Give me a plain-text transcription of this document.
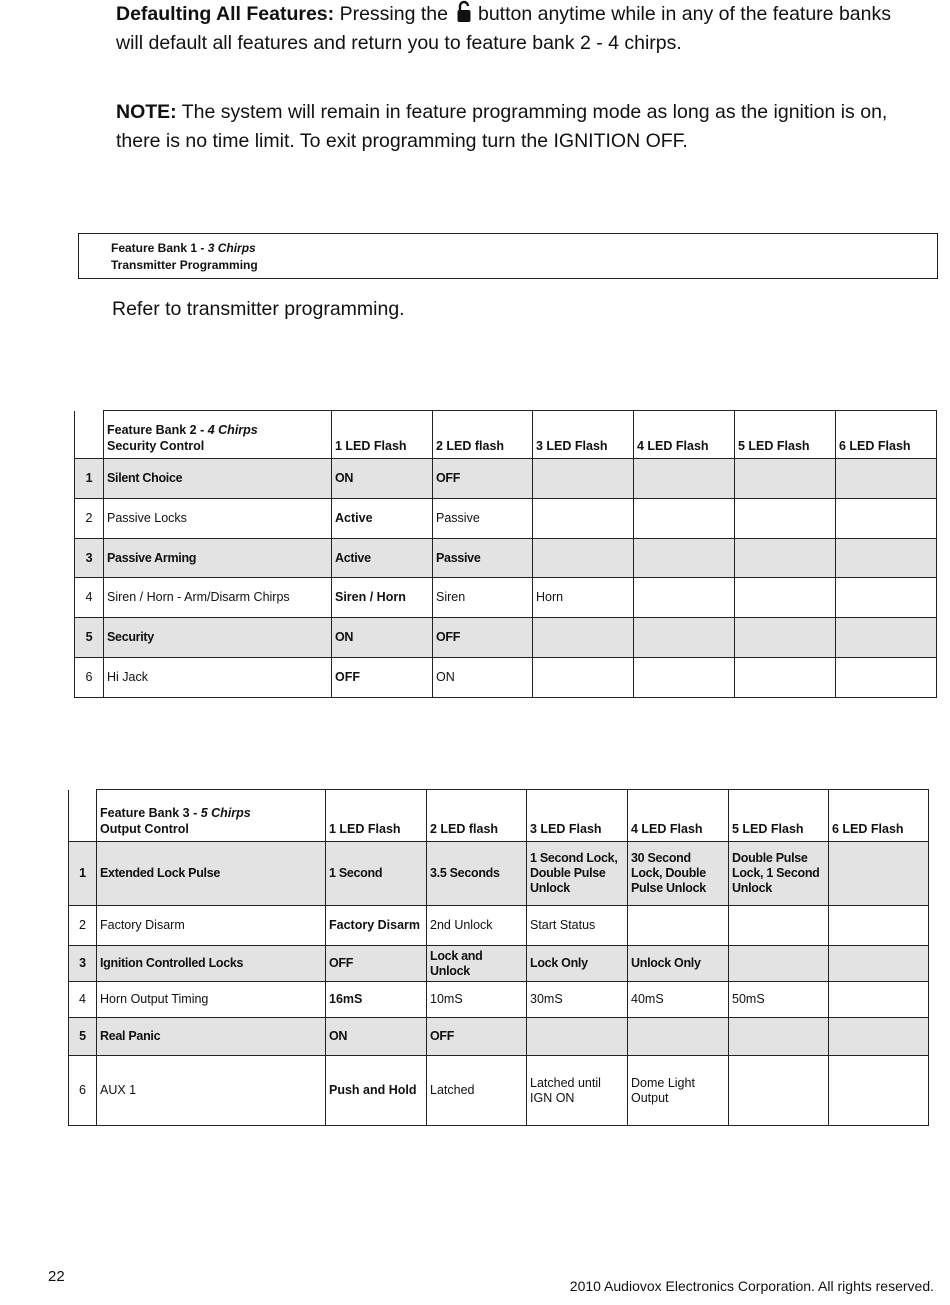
Defaulting All Features: Pressing the button anytime while in any of the feature banks will default all features and return you to feature bank 2 - 4 chirps.
NOTE: The system will remain in feature programming mode as long as the ignition is on, there is no time limit. To exit programming turn the IGNITION OFF.
Feature Bank 1 - 3 Chirps
Transmitter Programming
Refer to transmitter programming.

	Feature Bank 2 - 4 Chirps
Security Control	1 LED Flash	2 LED flash	3 LED Flash	4 LED Flash	5 LED Flash	6 LED Flash
1	Silent Choice	ON	OFF				
2	Passive Locks	Active	Passive				
3	Passive Arming	Active	Passive				
4	Siren / Horn - Arm/Disarm Chirps	Siren / Horn	Siren	Horn			
5	Security	ON	OFF				
6	Hi Jack	OFF	ON				

	Feature Bank 3 - 5 Chirps
Output Control	1 LED Flash	2 LED flash	3 LED Flash	4 LED Flash	5 LED Flash	6 LED Flash
1	Extended Lock Pulse	1 Second	3.5 Seconds	1 Second Lock, Double Pulse Unlock	30 Second Lock, Double Pulse Unlock	Double Pulse Lock, 1 Second Unlock	
2	Factory Disarm	Factory Disarm	2nd Unlock	Start Status			
3	Ignition Controlled Locks	OFF	Lock and Unlock	Lock Only	Unlock Only		
4	Horn Output Timing	16mS	10mS	30mS	40mS	50mS	
5	Real Panic	ON	OFF				
6	AUX 1	Push and Hold	Latched	Latched until IGN ON	Dome Light Output		
22
2010 Audiovox Electronics Corporation. All rights reserved.
